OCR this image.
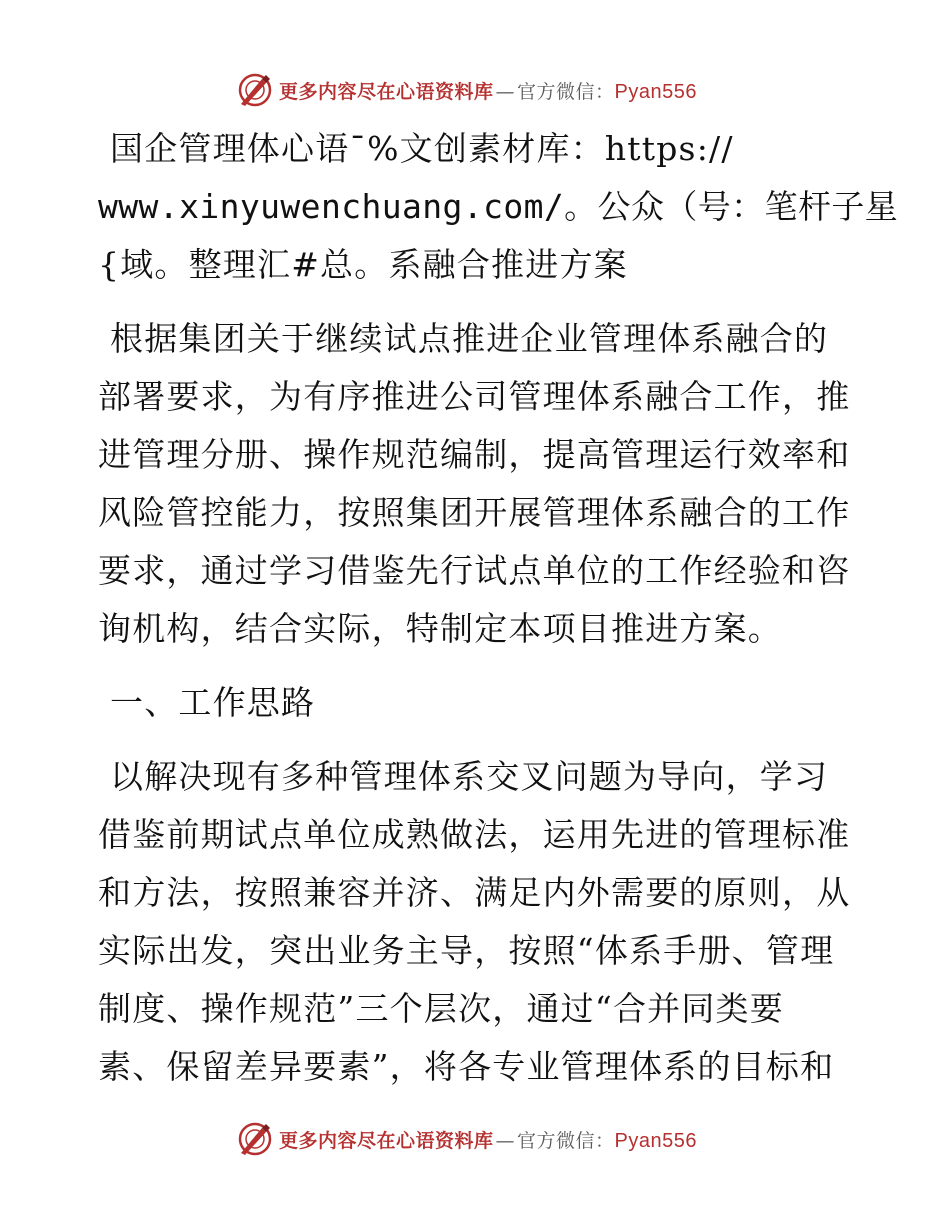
更多内容尽在心语资料库 — 官方微信：Pyan556
国企管理体心语¯%文创素材库：https://
www.xinyuwenchuang.com/。公众（号：笔杆子星
{域。整理汇#总。系融合推进方案
根据集团关于继续试点推进企业管理体系融合的
部署要求，为有序推进公司管理体系融合工作，推
进管理分册、操作规范编制，提高管理运行效率和
风险管控能力，按照集团开展管理体系融合的工作
要求，通过学习借鉴先行试点单位的工作经验和咨
询机构，结合实际，特制定本项目推进方案。
一、工作思路
以解决现有多种管理体系交叉问题为导向，学习
借鉴前期试点单位成熟做法，运用先进的管理标准
和方法，按照兼容并济、满足内外需要的原则，从
实际出发，突出业务主导，按照“体系手册、管理
制度、操作规范”三个层次，通过“合并同类要
素、保留差异要素”，将各专业管理体系的目标和
更多内容尽在心语资料库 — 官方微信：Pyan556
